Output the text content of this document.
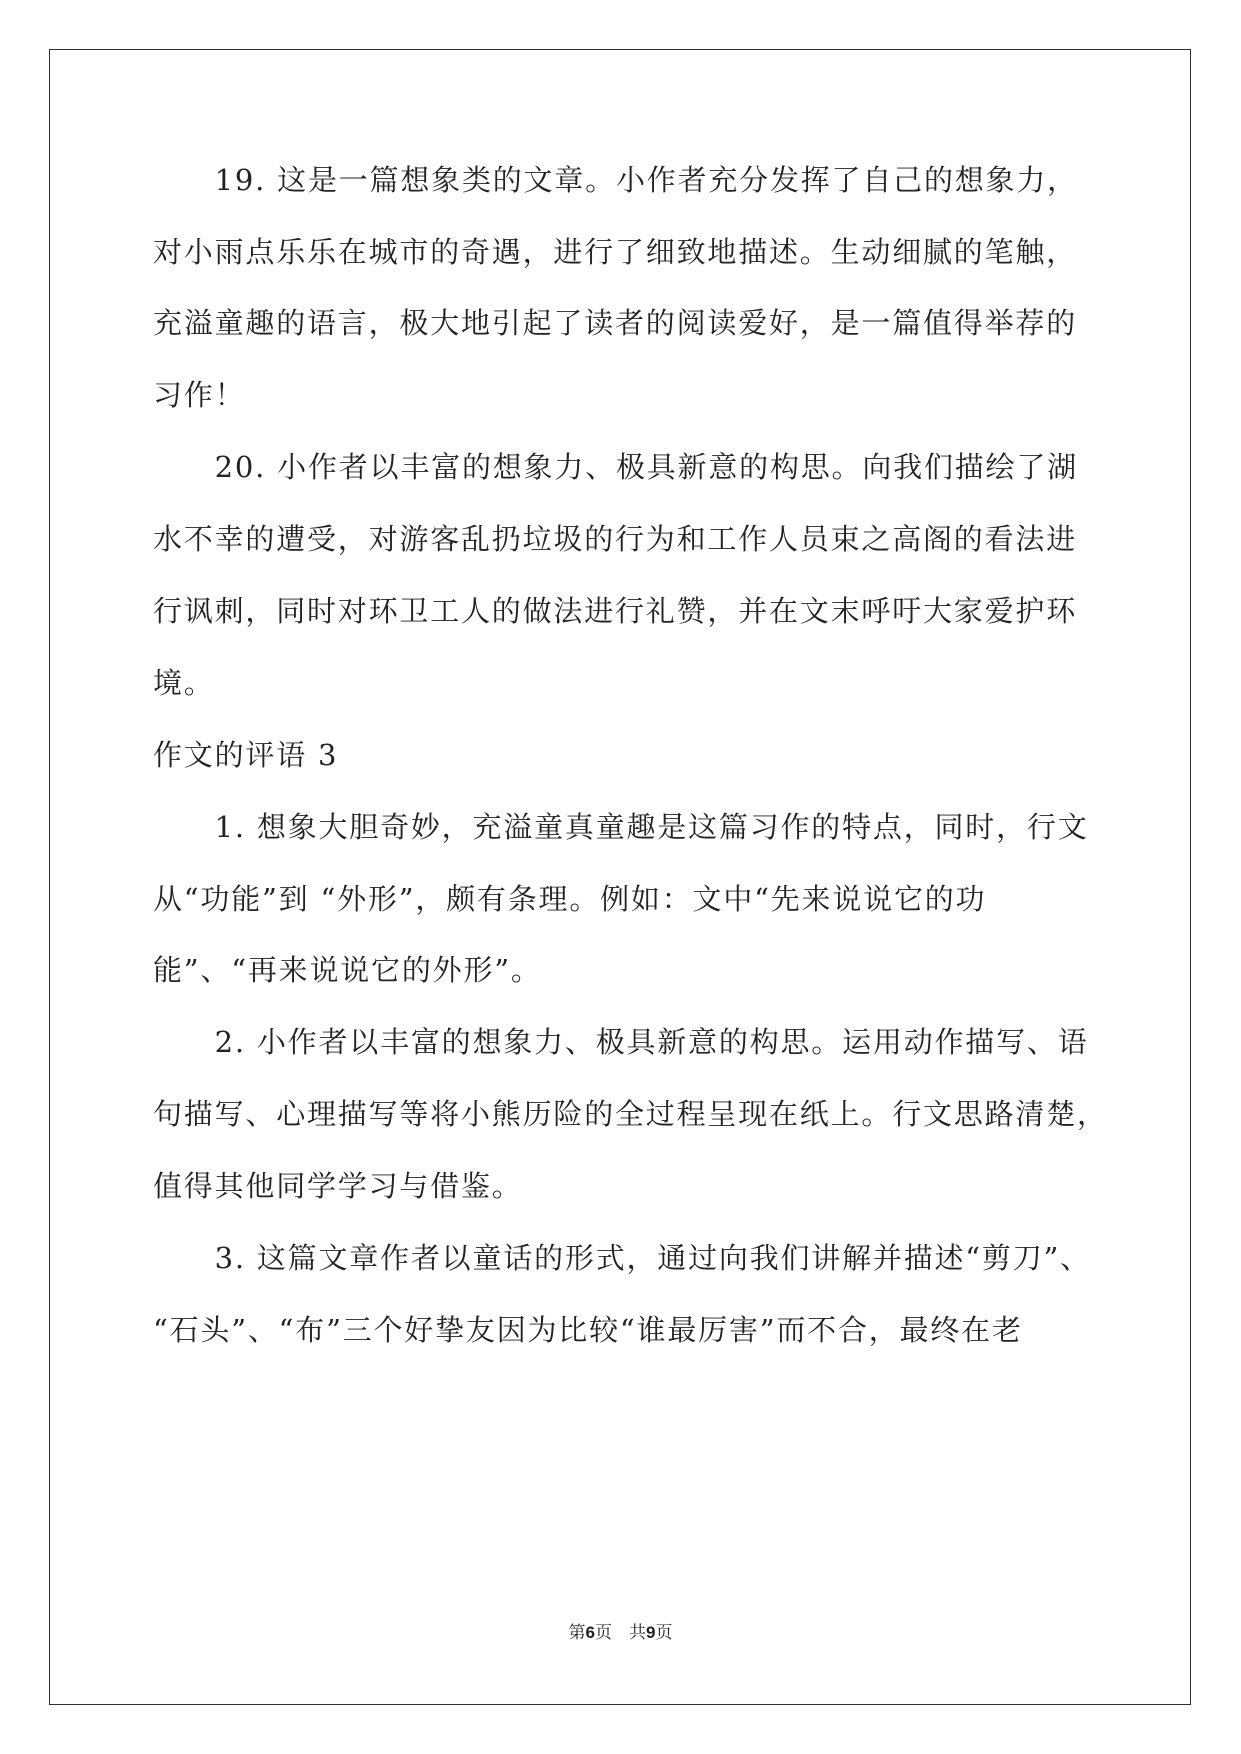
　　19. 这是一篇想象类的文章。小作者充分发挥了自己的想象力，
对小雨点乐乐在城市的奇遇，进行了细致地描述。生动细腻的笔触，
充溢童趣的语言，极大地引起了读者的阅读爱好，是一篇值得举荐的
习作！
　　20. 小作者以丰富的想象力、极具新意的构思。向我们描绘了湖
水不幸的遭受，对游客乱扔垃圾的行为和工作人员束之高阁的看法进
行讽刺，同时对环卫工人的做法进行礼赞，并在文末呼吁大家爱护环
境。
作文的评语 3
　　1. 想象大胆奇妙，充溢童真童趣是这篇习作的特点，同时，行文
从“功能”到 “外形”，颇有条理。例如：文中“先来说说它的功
能”、“再来说说它的外形”。
　　2. 小作者以丰富的想象力、极具新意的构思。运用动作描写、语
句描写、心理描写等将小熊历险的全过程呈现在纸上。行文思路清楚，
值得其他同学学习与借鉴。
　　3. 这篇文章作者以童话的形式，通过向我们讲解并描述“剪刀”、
“石头”、“布”三个好挚友因为比较“谁最厉害”而不合，最终在老
第6页　共9页
